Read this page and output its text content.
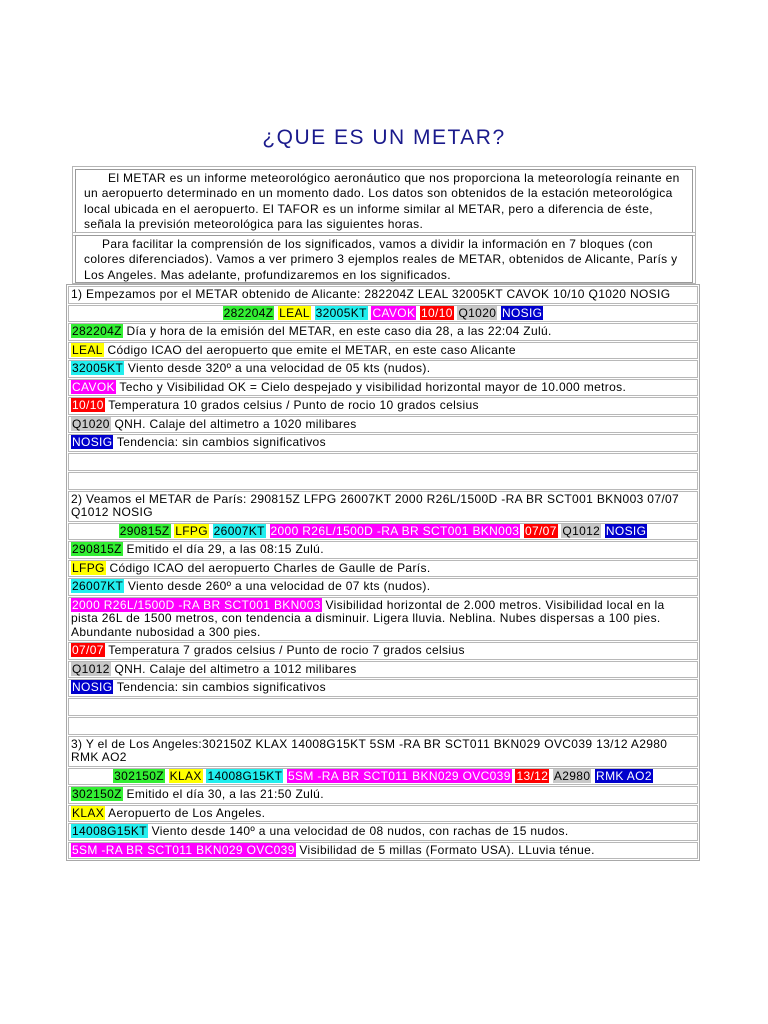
¿QUE ES UN METAR?
El METAR es un informe meteorológico aeronáutico que nos proporciona la meteorología reinante en un aeropuerto determinado en un momento dado. Los datos son obtenidos de la estación meteorológica local ubicada en el aeropuerto. El TAFOR es un informe similar al METAR, pero a diferencia de éste, señala la previsión meteorológica para las siguientes horas.
Para facilitar la comprensión de los significados, vamos a dividir la información en 7 bloques (con colores diferenciados). Vamos a ver primero 3 ejemplos reales de METAR, obtenidos de Alicante, París y Los Angeles. Mas adelante, profundizaremos en los significados.
1) Empezamos por el METAR obtenido de Alicante: 282204Z LEAL 32005KT CAVOK 10/10 Q1020 NOSIG
282204Z LEAL 32005KT CAVOK 10/10 Q1020 NOSIG
282204Z Día y hora de la emisión del METAR, en este caso dia 28, a las 22:04 Zulú.
LEAL Código ICAO del aeropuerto que emite el METAR, en este caso Alicante
32005KT Viento desde 320º a una velocidad de 05 kts (nudos).
CAVOK Techo y Visibilidad OK = Cielo despejado y visibilidad horizontal mayor de 10.000 metros.
10/10 Temperatura 10 grados celsius / Punto de rocio 10 grados celsius
Q1020 QNH. Calaje del altimetro a 1020 milibares
NOSIG Tendencia: sin cambios significativos
2) Veamos el METAR de París: 290815Z LFPG 26007KT 2000 R26L/1500D -RA BR SCT001 BKN003 07/07 Q1012 NOSIG
290815Z LFPG 26007KT 2000 R26L/1500D -RA BR SCT001 BKN003 07/07 Q1012 NOSIG
290815Z Emitido el día 29, a las 08:15 Zulú.
LFPG Código ICAO del aeropuerto Charles de Gaulle de París.
26007KT Viento desde 260º a una velocidad de 07 kts (nudos).
2000 R26L/1500D -RA BR SCT001 BKN003 Visibilidad horizontal de 2.000 metros. Visibilidad local en la pista 26L de 1500 metros, con tendencia a disminuir. Ligera lluvia. Neblina. Nubes dispersas a 100 pies. Abundante nubosidad a 300 pies.
07/07 Temperatura 7 grados celsius / Punto de rocio 7 grados celsius
Q1012 QNH. Calaje del altimetro a 1012 milibares
NOSIG Tendencia: sin cambios significativos
3) Y el de Los Angeles:302150Z KLAX 14008G15KT 5SM -RA BR SCT011 BKN029 OVC039 13/12 A2980 RMK AO2
302150Z KLAX 14008G15KT 5SM -RA BR SCT011 BKN029 OVC039 13/12 A2980 RMK AO2
302150Z Emitido el día 30, a las 21:50 Zulú.
KLAX Aeropuerto de Los Angeles.
14008G15KT Viento desde 140º a una velocidad de 08 nudos, con rachas de 15 nudos.
5SM -RA BR SCT011 BKN029 OVC039 Visibilidad de 5 millas (Formato USA). LLuvia ténue.
